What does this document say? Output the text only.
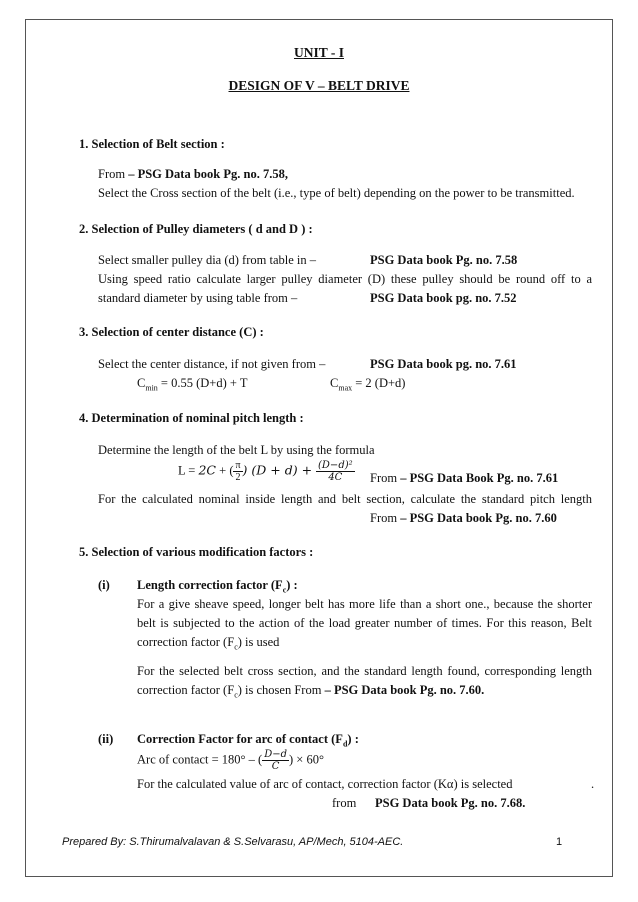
UNIT - I
DESIGN OF V – BELT DRIVE
1. Selection of Belt section :
From – PSG Data book Pg. no. 7.58,
Select the Cross section of the belt (i.e., type of belt) depending on the power to be transmitted.
2. Selection of Pulley diameters ( d and D ) :
Select smaller pulley dia (d) from table in –	PSG Data book Pg. no. 7.58
Using speed ratio calculate larger pulley diameter (D) these pulley should be round off to a
standard diameter by using table from –	PSG Data book pg. no. 7.52
3. Selection of center distance (C) :
Select the center distance, if not given from –	PSG Data book pg. no. 7.61
$C_{min} = 0.55$ (D+d) + T	$C_{max} = 2$ (D+d)
4. Determination of nominal pitch length :
Determine the length of the belt L by using the formula
L = 2C + ( $\frac{\pi}{2}$ ) $(D + d) + \frac{\text{(D−d)²}}{4C}$ From – PSG Data Book Pg. no. 7.61
For the calculated nominal inside length and belt section, calculate the standard pitch length
From – PSG Data book Pg. no. 7.60
5. Selection of various modification factors :
(i) Length correction factor $(F_c)$ :
For a give sheave speed, longer belt has more life than a short one., because the shorter
belt is subjected to the action of the load greater number of times. For this reason, Belt
correction factor $(F_c)$ is used
For the selected belt cross section, and the standard length found, corresponding length
correction factor $(F_c)$ is chosen From – PSG Data book Pg. no. 7.60.
(ii) Correction Factor for arc of contact $(F_d)$ :
Arc of contact = 180° – ( $\frac{D-d}{C}$ ) × 60°
For the calculated value of arc of contact, correction factor (Kα) is selected	.
from PSG Data book Pg. no. 7.68.
Prepared By: S.Thirumalvalavan & S.Selvarasu, AP/Mech, 5104-AEC.	1
